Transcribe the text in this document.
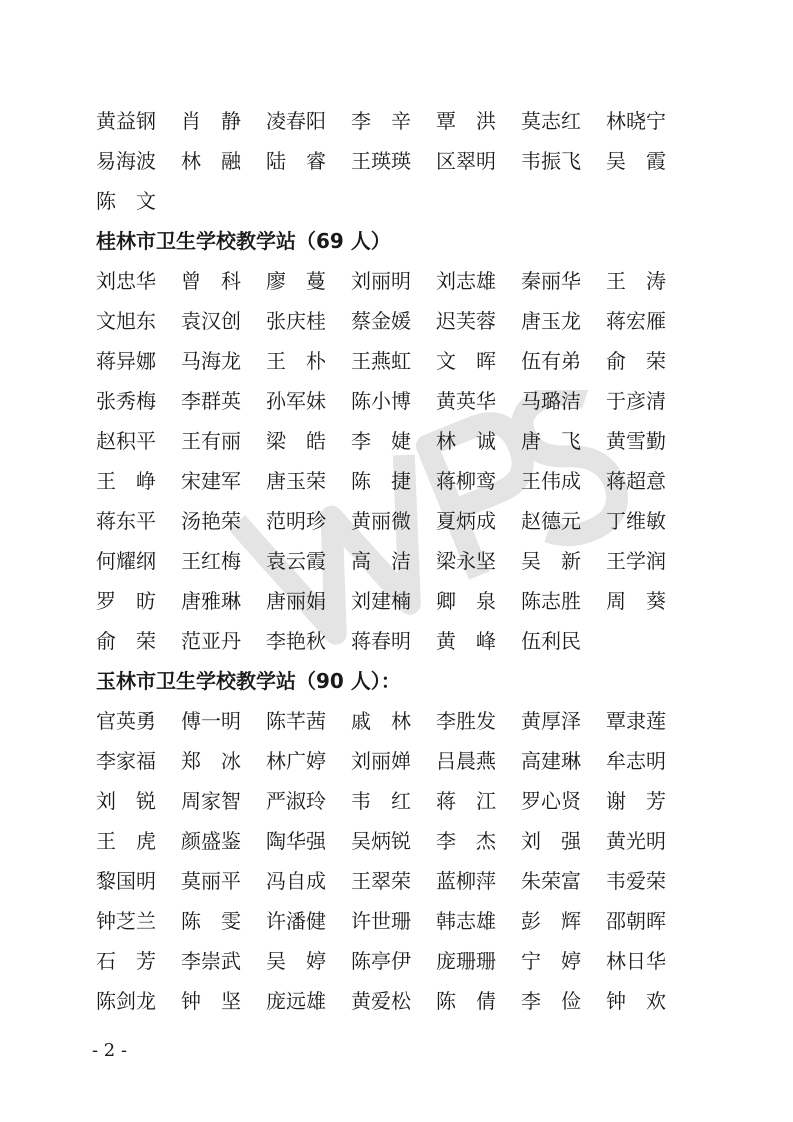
黄益钢	肖　静	凌春阳	李　辛	覃　洪	莫志红	林晓宁
易海波	林　融	陆　睿	王瑛瑛	区翠明	韦振飞	吴　霞
陈　文
桂林市卫生学校教学站（69 人）
刘忠华	曾　科	廖　蔓	刘丽明	刘志雄	秦丽华	王　涛
文旭东	袁汉创	张庆桂	蔡金媛	迟芙蓉	唐玉龙	蒋宏雁
蒋异娜	马海龙	王　朴	王燕虹	文　晖	伍有弟	俞　荣
张秀梅	李群英	孙军妹	陈小博	黄英华	马璐洁	于彦清
赵积平	王有丽	梁　皓	李　婕	林　诚	唐　飞	黄雪勤
王　峥	宋建军	唐玉荣	陈　捷	蒋柳鸾	王伟成	蒋超意
蒋东平	汤艳荣	范明珍	黄丽微	夏炳成	赵德元	丁维敏
何耀纲	王红梅	袁云霞	高　洁	梁永坚	吴　新	王学润
罗　昉	唐雅琳	唐丽娟	刘建楠	卿　泉	陈志胜	周　葵
俞　荣	范亚丹	李艳秋	蒋春明	黄　峰	伍利民
玉林市卫生学校教学站（90 人）：
官英勇	傅一明	陈芊茜	戚　林	李胜发	黄厚泽	覃隶莲
李家福	郑　冰	林广婷	刘丽婵	吕晨燕	高建琳	牟志明
刘　锐	周家智	严淑玲	韦　红	蒋　江	罗心贤	谢　芳
王　虎	颜盛鉴	陶华强	吴炳锐	李　杰	刘　强	黄光明
黎国明	莫丽平	冯自成	王翠荣	蓝柳萍	朱荣富	韦爱荣
钟芝兰	陈　雯	许潘健	许世珊	韩志雄	彭　辉	邵朝晖
石　芳	李崇武	吴　婷	陈亭伊	庞珊珊	宁　婷	林日华
陈剑龙	钟　坚	庞远雄	黄爱松	陈　倩	李　俭	钟　欢
- 2 -
